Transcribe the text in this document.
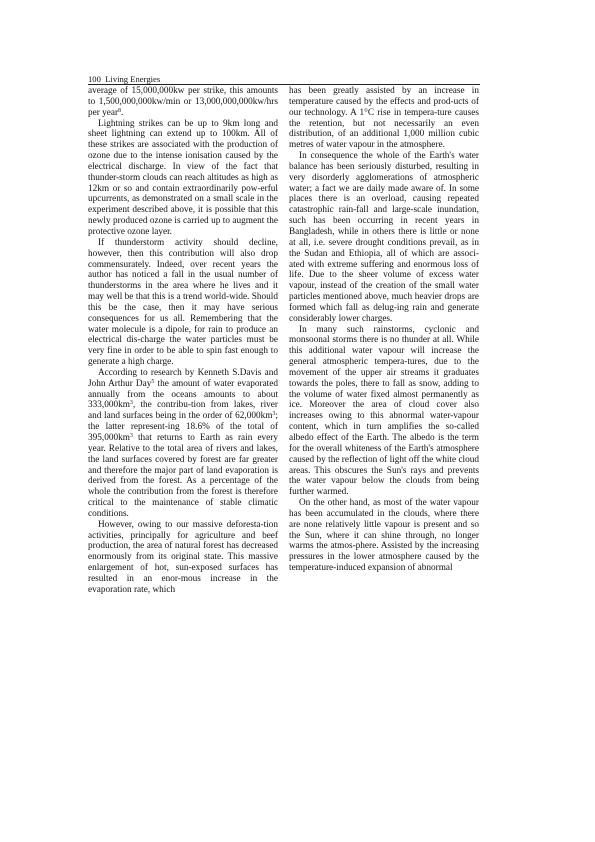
100 Living Energies

average of 15,000,000kw per strike, this amounts to 1,500,000,000kw/min or 13,000,000,000kw/hrs per year$^8$.

Lightning strikes can be up to 9km long and sheet lightning can extend up to 100km. All of these strikes are associated with the production of ozone due to the intense ionisation caused by the electrical discharge. In view of the fact that thunder-storm clouds can reach altitudes as high as 12km or so and contain extraordinarily pow-erful upcurrents, as demonstrated on a small scale in the experiment described above, it is possible that this newly produced ozone is carried up to augment the protective ozone layer.

If thunderstorm activity should decline, however, then this contribution will also drop commensurately. Indeed, over recent years the author has noticed a fall in the usual number of thunderstorms in the area where he lives and it may well be that this is a trend world-wide. Should this be the case, then it may have serious consequences for us all. Remembering that the water molecule is a dipole, for rain to produce an electrical dis-charge the water particles must be very fine in order to be able to spin fast enough to generate a high charge.

According to research by Kenneth S.Davis and John Arthur Day$^5$ the amount of water evaporated annually from the oceans amounts to about $333,000km^3$, the contribu-tion from lakes, river and land surfaces being in the order of $62,000km^3$; the latter represent-ing 18.6% of the total of $395,000km^3$ that returns to Earth as rain every year. Relative to the total area of rivers and lakes, the land surfaces covered by forest are far greater and therefore the major part of land evaporation is derived from the forest. As a percentage of the whole the contribution from the forest is therefore critical to the maintenance of stable climatic conditions.

However, owing to our massive deforesta-tion activities, principally for agriculture and beef production, the area of natural forest has decreased enormously from its original state. This massive enlargement of hot, sun-exposed surfaces has resulted in an enor-mous increase in the evaporation rate, which

has been greatly assisted by an increase in temperature caused by the effects and prod-ucts of our technology. A 1°C rise in tempera-ture causes the retention, but not necessarily an even distribution, of an additional 1,000 million cubic metres of water vapour in the atmosphere.

In consequence the whole of the Earth's water balance has been seriously disturbed, resulting in very disorderly agglomerations of atmospheric water; a fact we are daily made aware of. In some places there is an overload, causing repeated catastrophic rain-fall and large-scale inundation, such has been occurring in recent years in Bangladesh, while in others there is little or none at all, i.e. severe drought conditions prevail, as in the Sudan and Ethiopia, all of which are associ-ated with extreme suffering and enormous loss of life. Due to the sheer volume of excess water vapour, instead of the creation of the small water particles mentioned above, much heavier drops are formed which fall as delug-ing rain and generate considerably lower charges.

In many such rainstorms, cyclonic and monsoonal storms there is no thunder at all. While this additional water vapour will increase the general atmospheric tempera-tures, due to the movement of the upper air streams it graduates towards the poles, there to fall as snow, adding to the volume of water fixed almost permanently as ice. Moreover the area of cloud cover also increases owing to this abnormal water-vapour content, which in turn amplifies the so-called albedo effect of the Earth. The albedo is the term for the overall whiteness of the Earth's atmosphere caused by the reflection of light off the white cloud areas. This obscures the Sun's rays and prevents the water vapour below the clouds from being further warmed.

On the other hand, as most of the water vapour has been accumulated in the clouds, where there are none relatively little vapour is present and so the Sun, where it can shine through, no longer warms the atmos-phere. Assisted by the increasing pressures in the lower atmosphere caused by the temperature-induced expansion of abnormal
